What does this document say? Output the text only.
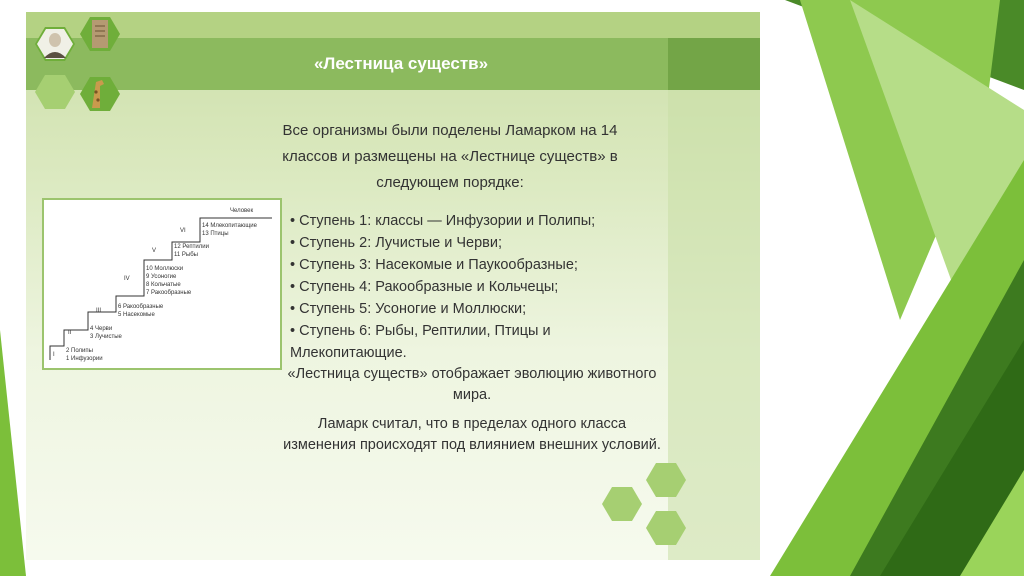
«Лестница существ»

Все организмы были поделены Ламарком на 14 классов и размещены на «Лестнице существ» в следующем порядке:

Человек
I
2 Полипы
1 Инфузории
II
4 Черви
3 Лучистые
III
6 Ракообразные
5 Насекомые
IV
10 Моллюски
9 Усоногие
8 Кольчатые
7 Ракообразные
V
12 Рептилии
11 Рыбы
VI
14 Млекопитающие
13 Птицы
• Ступень 1: классы — Инфузории и Полипы;
• Ступень 2: Лучистые и Черви;
• Ступень 3: Насекомые и Паукообразные;
• Ступень 4: Ракообразные и Кольчецы;
• Ступень 5: Усоногие и Моллюски;
• Ступень 6: Рыбы, Рептилии, Птицы и Млекопитающие.

«Лестница существ» отображает эволюцию животного мира.

Ламарк считал, что в пределах одного класса изменения происходят под влиянием внешних условий.
